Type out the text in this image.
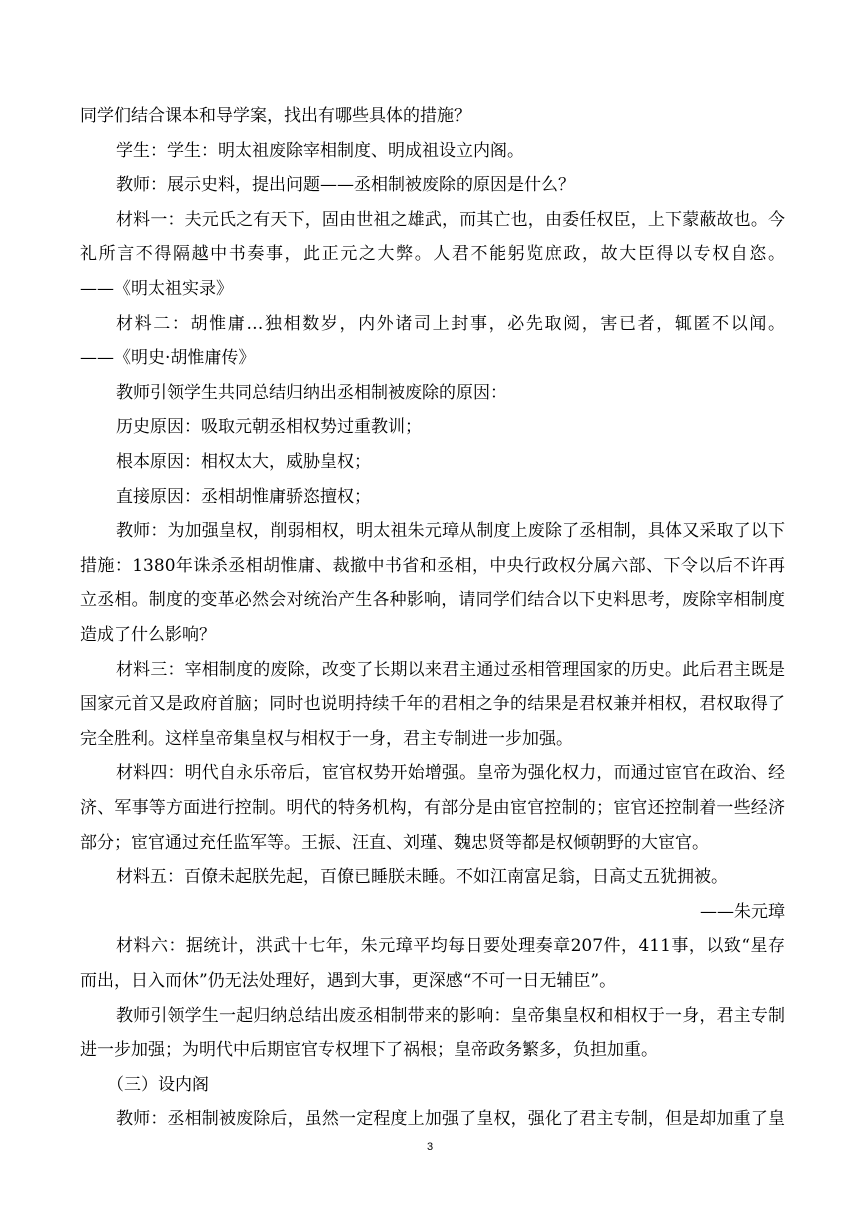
同学们结合课本和导学案，找出有哪些具体的措施？
学生：学生：明太祖废除宰相制度、明成祖设立内阁。
教师：展示史料，提出问题——丞相制被废除的原因是什么？
材料一：夫元氏之有天下，固由世祖之雄武，而其亡也，由委任权臣，上下蒙蔽故也。今
礼所言不得隔越中书奏事，此正元之大弊。人君不能躬览庶政，故大臣得以专权自恣。
——《明太祖实录》
材料二：胡惟庸…独相数岁，内外诸司上封事，必先取阅，害已者，辄匿不以闻。
——《明史·胡惟庸传》
教师引领学生共同总结归纳出丞相制被废除的原因：
历史原因：吸取元朝丞相权势过重教训；
根本原因：相权太大，威胁皇权；
直接原因：丞相胡惟庸骄恣擅权；
教师：为加强皇权，削弱相权，明太祖朱元璋从制度上废除了丞相制，具体又采取了以下
措施：1380年诛杀丞相胡惟庸、裁撤中书省和丞相，中央行政权分属六部、下令以后不许再
立丞相。制度的变革必然会对统治产生各种影响，请同学们结合以下史料思考，废除宰相制度
造成了什么影响？
材料三：宰相制度的废除，改变了长期以来君主通过丞相管理国家的历史。此后君主既是
国家元首又是政府首脑；同时也说明持续千年的君相之争的结果是君权兼并相权，君权取得了
完全胜利。这样皇帝集皇权与相权于一身，君主专制进一步加强。
材料四：明代自永乐帝后，宦官权势开始增强。皇帝为强化权力，而通过宦官在政治、经
济、军事等方面进行控制。明代的特务机构，有部分是由宦官控制的；宦官还控制着一些经济
部分；宦官通过充任监军等。王振、汪直、刘瑾、魏忠贤等都是权倾朝野的大宦官。
材料五：百僚未起朕先起，百僚已睡朕未睡。不如江南富足翁，日高丈五犹拥被。
——朱元璋
材料六：据统计，洪武十七年，朱元璋平均每日要处理奏章207件，411事，以致“星存
而出，日入而休”仍无法处理好，遇到大事，更深感“不可一日无辅臣”。
教师引领学生一起归纳总结出废丞相制带来的影响：皇帝集皇权和相权于一身，君主专制
进一步加强；为明代中后期宦官专权埋下了祸根；皇帝政务繁多，负担加重。
（三）设内阁
教师：丞相制被废除后，虽然一定程度上加强了皇权，强化了君主专制，但是却加重了皇
3
